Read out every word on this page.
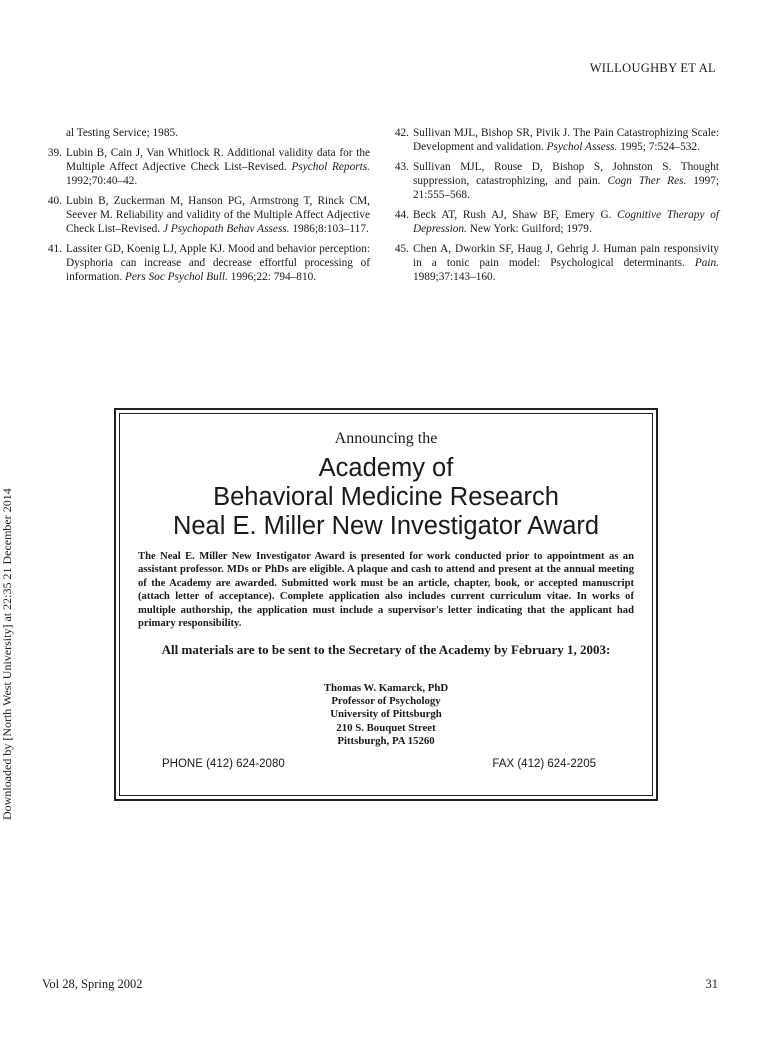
WILLOUGHBY ET AL
Downloaded by [North West University] at 22:35 21 December 2014
al Testing Service; 1985.
39. Lubin B, Cain J, Van Whitlock R. Additional validity data for the Multiple Affect Adjective Check List–Revised. Psychol Reports. 1992;70:40–42.
40. Lubin B, Zuckerman M, Hanson PG, Armstrong T, Rinck CM, Seever M. Reliability and validity of the Multiple Affect Adjective Check List–Revised. J Psychopath Behav Assess. 1986;8:103–117.
41. Lassiter GD, Koenig LJ, Apple KJ. Mood and behavior perception: Dysphoria can increase and decrease effortful processing of information. Pers Soc Psychol Bull. 1996;22: 794–810.
42. Sullivan MJL, Bishop SR, Pivik J. The Pain Catastrophizing Scale: Development and validation. Psychol Assess. 1995; 7:524–532.
43. Sullivan MJL, Rouse D, Bishop S, Johnston S. Thought suppression, catastrophizing, and pain. Cogn Ther Res. 1997; 21:555–568.
44. Beck AT, Rush AJ, Shaw BF, Emery G. Cognitive Therapy of Depression. New York: Guilford; 1979.
45. Chen A, Dworkin SF, Haug J, Gehrig J. Human pain responsivity in a tonic pain model: Psychological determinants. Pain. 1989;37:143–160.
Announcing the
Academy of
Behavioral Medicine Research
Neal E. Miller New Investigator Award
The Neal E. Miller New Investigator Award is presented for work conducted prior to appointment as an assistant professor. MDs or PhDs are eligible. A plaque and cash to attend and present at the annual meeting of the Academy are awarded. Submitted work must be an article, chapter, book, or accepted manuscript (attach letter of acceptance). Complete application also includes current curriculum vitae. In works of multiple authorship, the application must include a supervisor's letter indicating that the applicant had primary responsibility.
All materials are to be sent to the Secretary of the Academy by February 1, 2003:
Thomas W. Kamarck, PhD
Professor of Psychology
University of Pittsburgh
210 S. Bouquet Street
Pittsburgh, PA 15260
PHONE (412) 624-2080	FAX (412) 624-2205
Vol 28, Spring 2002	31
